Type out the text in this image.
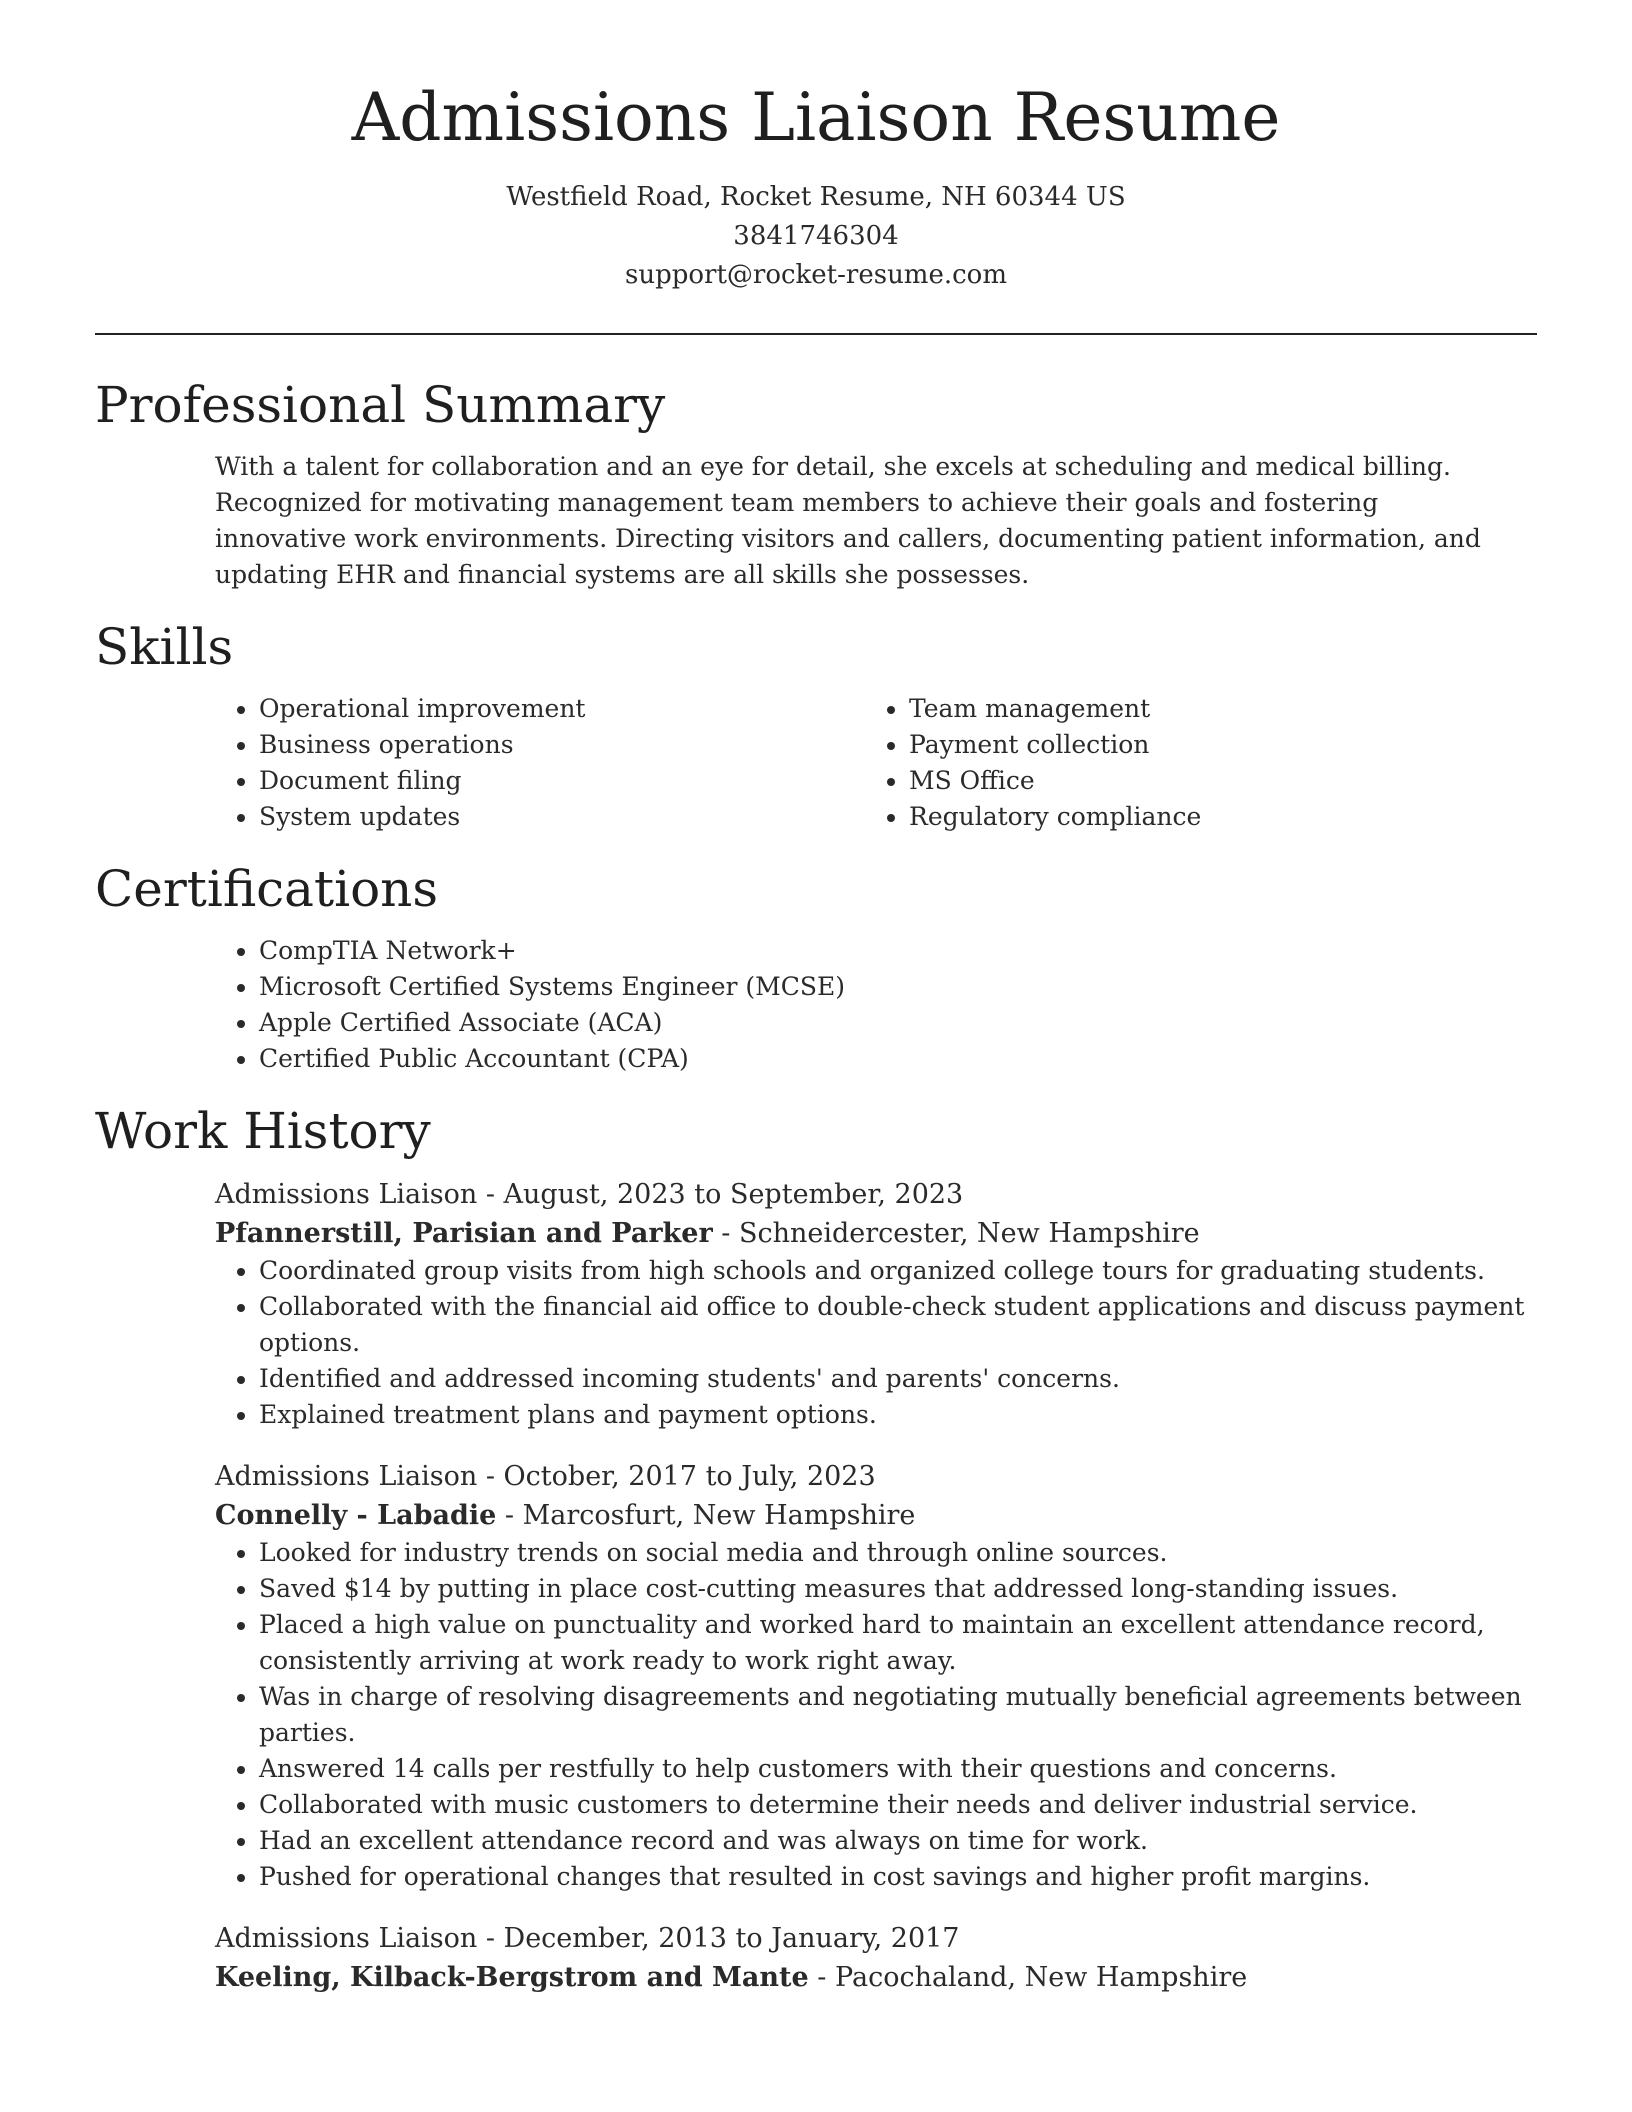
Admissions Liaison Resume
Westfield Road, Rocket Resume, NH 60344 US
3841746304
support@rocket-resume.com
Professional Summary

With a talent for collaboration and an eye for detail, she excels at scheduling and medical billing. Recognized for motivating management team members to achieve their goals and fostering innovative work environments. Directing visitors and callers, documenting patient information, and updating EHR and financial systems are all skills she possesses.

Skills
• Operational improvement
• Business operations
• Document filing
• System updates
• Team management
• Payment collection
• MS Office
• Regulatory compliance
Certifications
• CompTIA Network+
• Microsoft Certified Systems Engineer (MCSE)
• Apple Certified Associate (ACA)
• Certified Public Accountant (CPA)
Work History
Admissions Liaison - August, 2023 to September, 2023
Pfannerstill, Parisian and Parker - Schneidercester, New Hampshire
• Coordinated group visits from high schools and organized college tours for graduating students.
• Collaborated with the financial aid office to double-check student applications and discuss payment options.
• Identified and addressed incoming students' and parents' concerns.
• Explained treatment plans and payment options.
Admissions Liaison - October, 2017 to July, 2023
Connelly - Labadie - Marcosfurt, New Hampshire
• Looked for industry trends on social media and through online sources.
• Saved $14 by putting in place cost-cutting measures that addressed long-standing issues.
• Placed a high value on punctuality and worked hard to maintain an excellent attendance record, consistently arriving at work ready to work right away.
• Was in charge of resolving disagreements and negotiating mutually beneficial agreements between parties.
• Answered 14 calls per restfully to help customers with their questions and concerns.
• Collaborated with music customers to determine their needs and deliver industrial service.
• Had an excellent attendance record and was always on time for work.
• Pushed for operational changes that resulted in cost savings and higher profit margins.
Admissions Liaison - December, 2013 to January, 2017
Keeling, Kilback-Bergstrom and Mante - Pacochaland, New Hampshire
